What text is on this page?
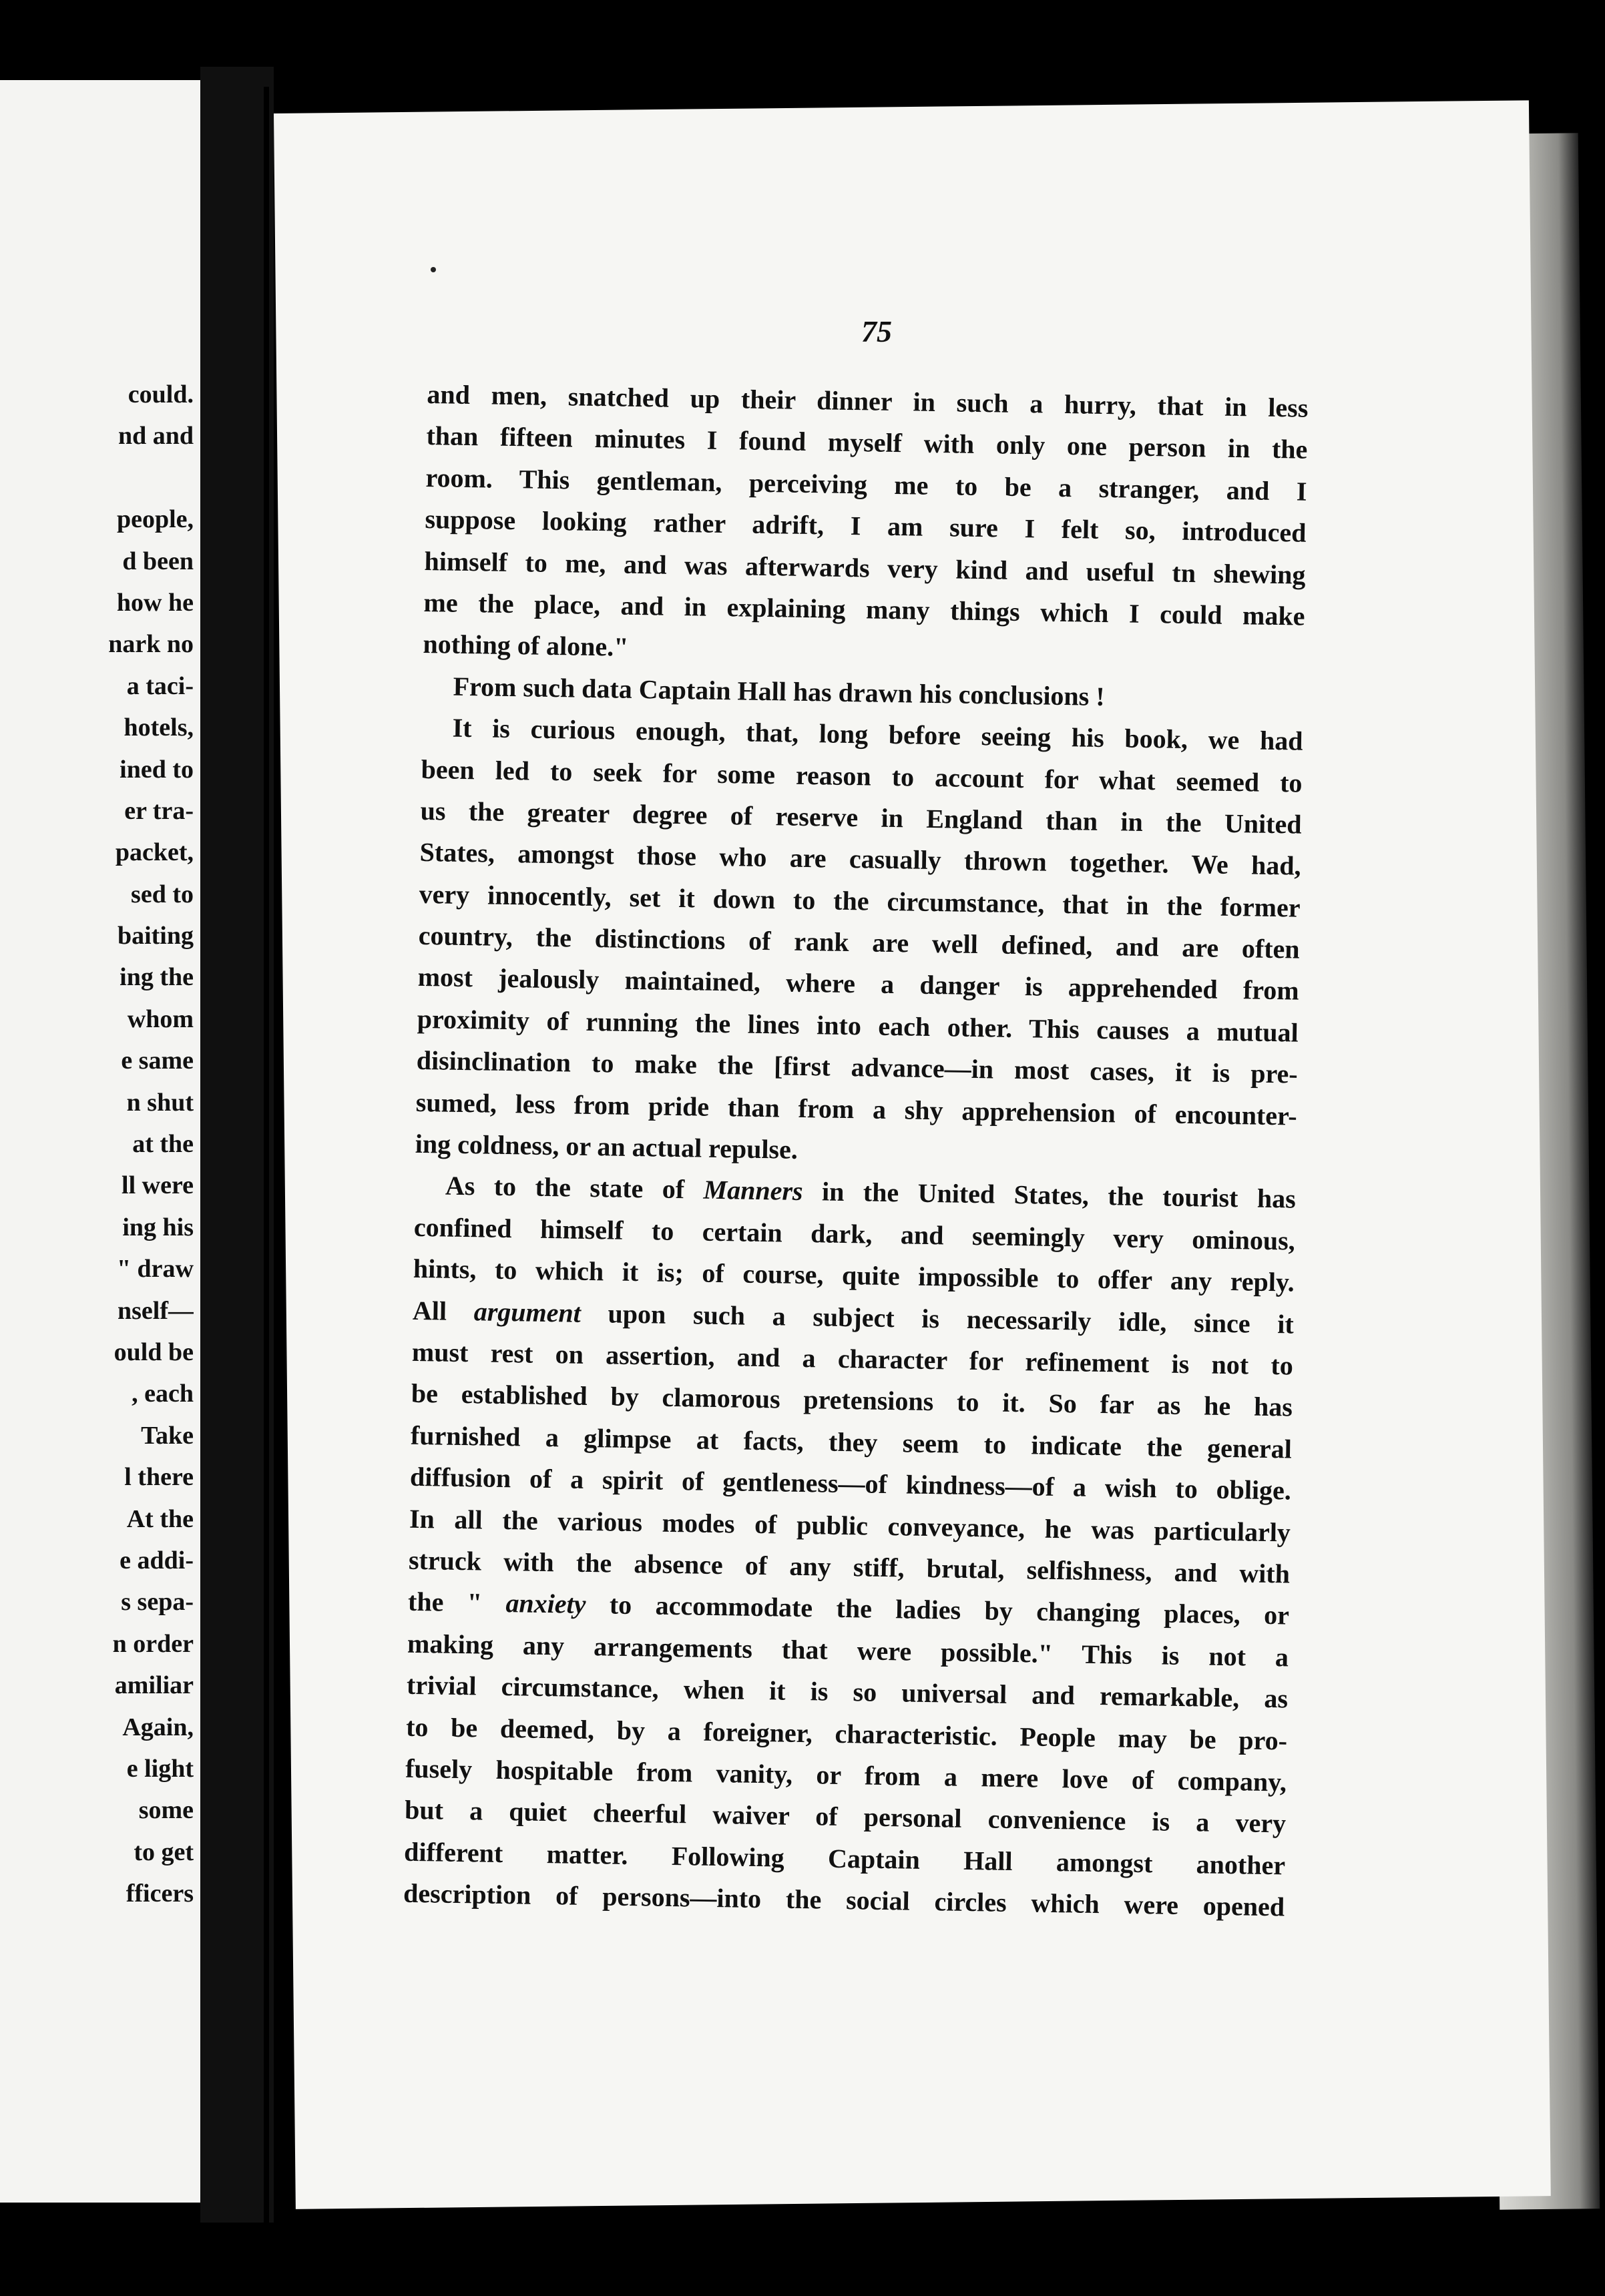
could.
nd and
people,
d been
how he
nark no
a taci-
hotels,
ined to
er tra-
packet,
sed to
baiting
ing the
whom
e same
n shut
at the
ll were
ing his
" draw
nself—
ould be
, each
Take
l there
At the
e addi-
s sepa-
n order
amiliar
Again,
e light
some
to get
fficers
75
and men, snatched up their dinner in such a hurry, that in less
than fifteen minutes I found myself with only one person in the
room. This gentleman, perceiving me to be a stranger, and I
suppose looking rather adrift, I am sure I felt so, introduced
himself to me, and was afterwards very kind and useful tn shewing
me the place, and in explaining many things which I could make
nothing of alone."
From such data Captain Hall has drawn his conclusions !
It is curious enough, that, long before seeing his book, we had
been led to seek for some reason to account for what seemed to
us the greater degree of reserve in England than in the United
States, amongst those who are casually thrown together. We had,
very innocently, set it down to the circumstance, that in the former
country, the distinctions of rank are well defined, and are often
most jealously maintained, where a danger is apprehended from
proximity of running the lines into each other. This causes a mutual
disinclination to make the [first advance—in most cases, it is pre-
sumed, less from pride than from a shy apprehension of encounter-
ing coldness, or an actual repulse.
As to the state of Manners in the United States, the tourist has
confined himself to certain dark, and seemingly very ominous,
hints, to which it is; of course, quite impossible to offer any reply.
All argument upon such a subject is necessarily idle, since it
must rest on assertion, and a character for refinement is not to
be established by clamorous pretensions to it. So far as he has
furnished a glimpse at facts, they seem to indicate the general
diffusion of a spirit of gentleness—of kindness—of a wish to oblige.
In all the various modes of public conveyance, he was particularly
struck with the absence of any stiff, brutal, selfishness, and with
the " anxiety to accommodate the ladies by changing places, or
making any arrangements that were possible." This is not a
trivial circumstance, when it is so universal and remarkable, as
to be deemed, by a foreigner, characteristic. People may be pro-
fusely hospitable from vanity, or from a mere love of company,
but a quiet cheerful waiver of personal convenience is a very
different matter. Following Captain Hall amongst another
description of persons—into the social circles which were opened
